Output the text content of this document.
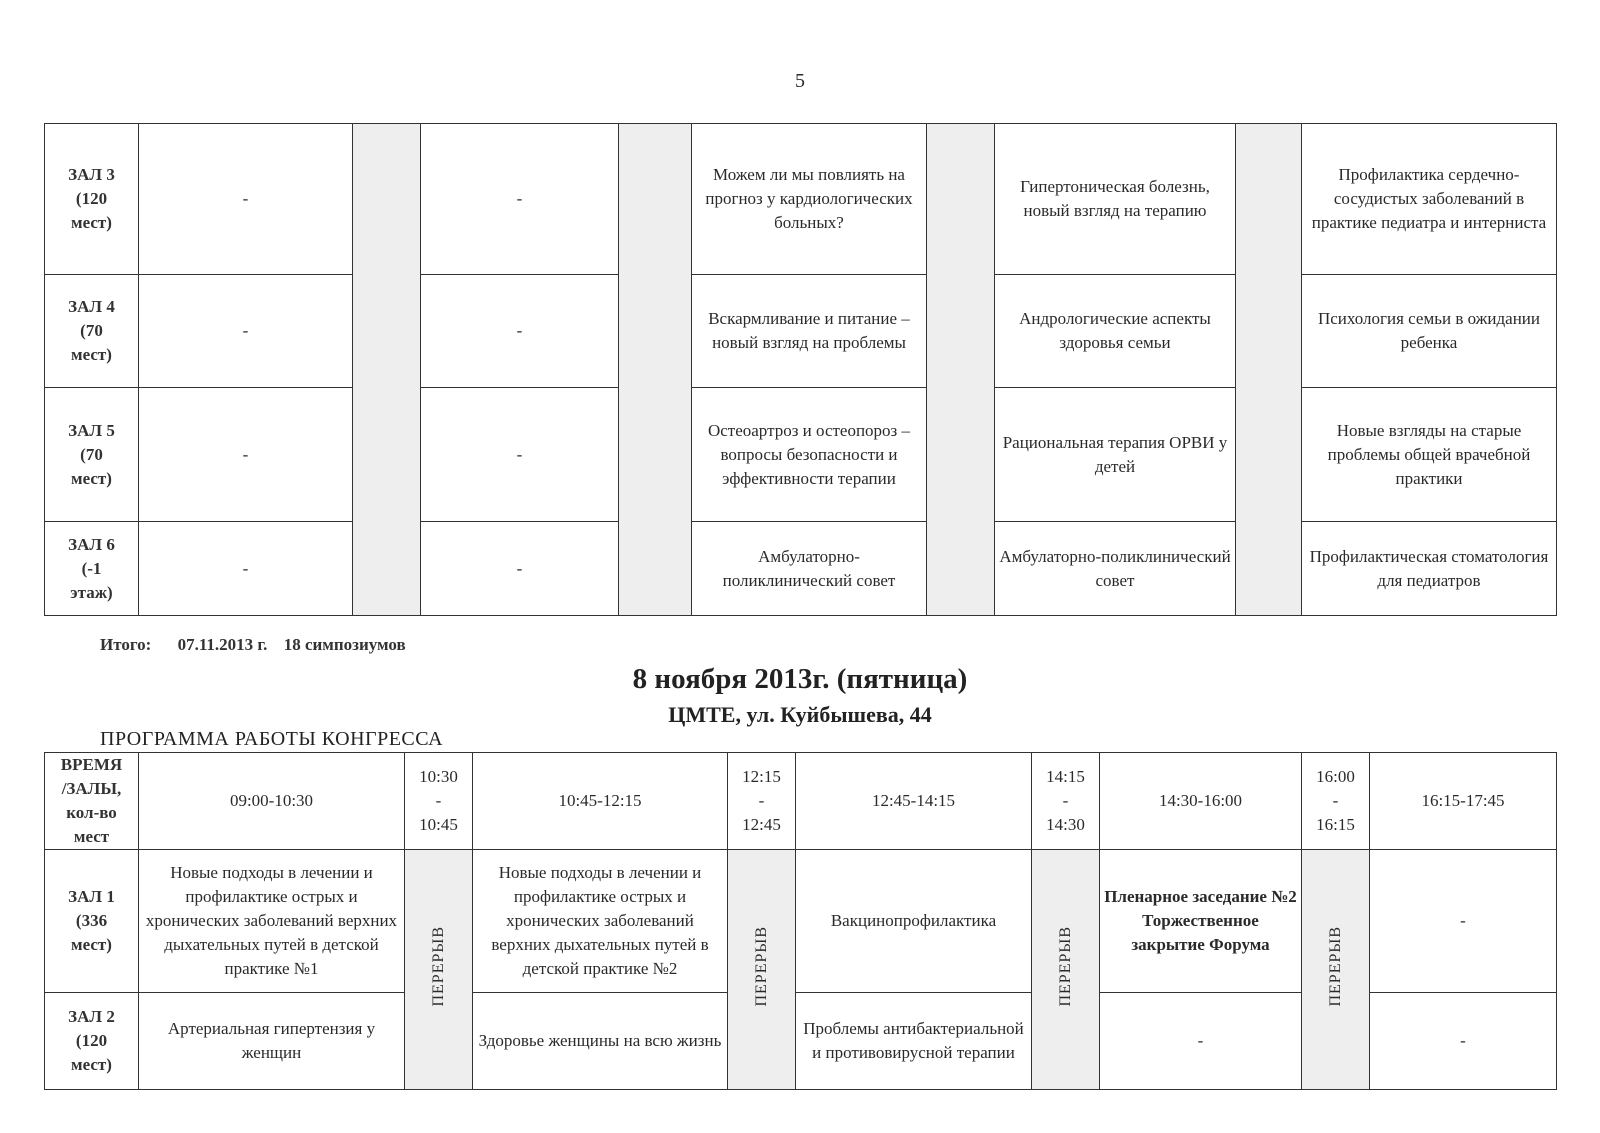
5
ЗАЛ 3
(120
мест)	-		-		Можем ли мы повлиять на прогноз у кардиологических больных?		Гипертоническая болезнь, новый взгляд на терапию		Профилактика сердечно-сосудистых заболеваний в практике педиатра и интерниста
ЗАЛ 4
(70
мест)	-		-		Вскармливание и питание – новый взгляд на проблемы		Андрологические аспекты здоровья семьи		Психология семьи в ожидании ребенка
ЗАЛ 5
(70
мест)	-		-		Остеоартроз и остеопороз – вопросы безопасности и эффективности терапии		Рациональная терапия ОРВИ у детей		Новые взгляды на старые проблемы общей врачебной практики
ЗАЛ 6
(-1
этаж)	-		-		Амбулаторно-поликлинический совет		Амбулаторно-поликлинический совет		Профилактическая стоматология для педиатров
Итого: 07.11.2013 г. 18 симпозиумов
8 ноября 2013г. (пятница)
ЦМТЕ, ул. Куйбышева, 44
ПРОГРАММА РАБОТЫ КОНГРЕССА
ВРЕМЯ
/ЗАЛЫ,
кол-во
мест	09:00-10:30	10:30
-
10:45	10:45-12:15	12:15
-
12:45	12:45-14:15	14:15
-
14:30	14:30-16:00	16:00
-
16:15	16:15-17:45
ЗАЛ 1
(336
мест)	Новые подходы в лечении и профилактике острых и хронических заболеваний верхних дыхательных путей в детской практике №1	ПЕРЕРЫВ	Новые подходы в лечении и профилактике острых и хронических заболеваний верхних дыхательных путей в детской практике №2	ПЕРЕРЫВ	Вакцинопрофилактика	ПЕРЕРЫВ	Пленарное заседание №2 Торжественное закрытие Форума	ПЕРЕРЫВ	-
ЗАЛ 2
(120
мест)	Артериальная гипертензия у женщин		Здоровье женщины на всю жизнь		Проблемы антибактериальной и противовирусной терапии		-		-
